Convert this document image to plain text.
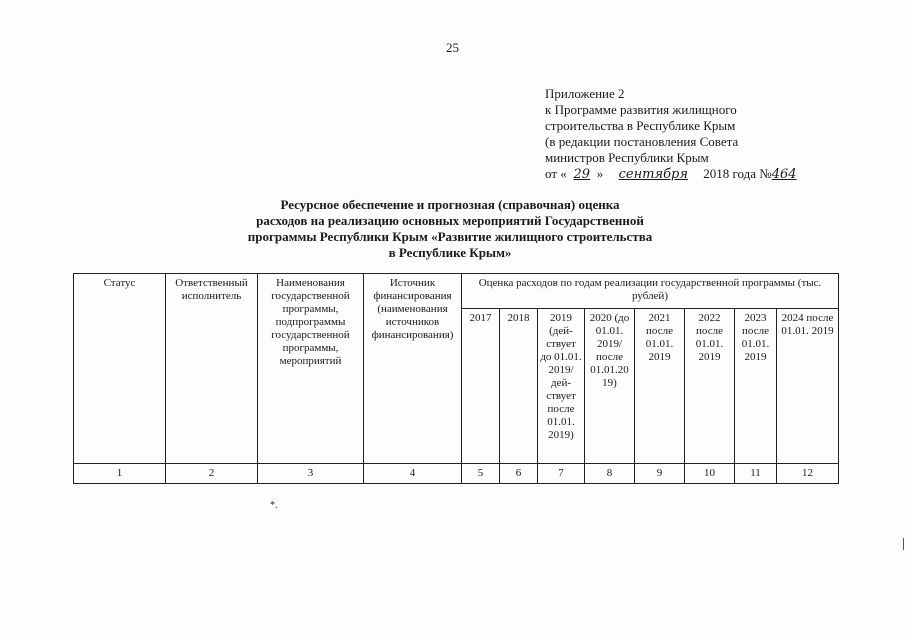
25
Приложение 2
к Программе развития жилищного
строительства в Республике Крым
(в редакции постановления Совета
министров Республики Крым
от « 29 » сентября 2018 года №464
Ресурсное обеспечение и прогнозная (справочная) оценка
расходов на реализацию основных мероприятий Государственной
программы Республики Крым «Развитие жилищного строительства
в Республике Крым»
Статус	Ответственный исполнитель	Наименования государственной программы, подпрограммы государственной программы, мероприятий	Источник финансирования (наименования источников финансирования)	Оценка расходов по годам реализации государственной программы (тыс. рублей)							
				2017	2018	2019 (дей-ствует до 01.01. 2019/ дей-ствует после 01.01. 2019)	2020 (до 01.01. 2019/ после 01.01.20 19)	2021 после 01.01. 2019	2022 после 01.01. 2019	2023 после 01.01. 2019	2024 после 01.01. 2019
1	2	3	4	5	6	7	8	9	10	11	12
*.
